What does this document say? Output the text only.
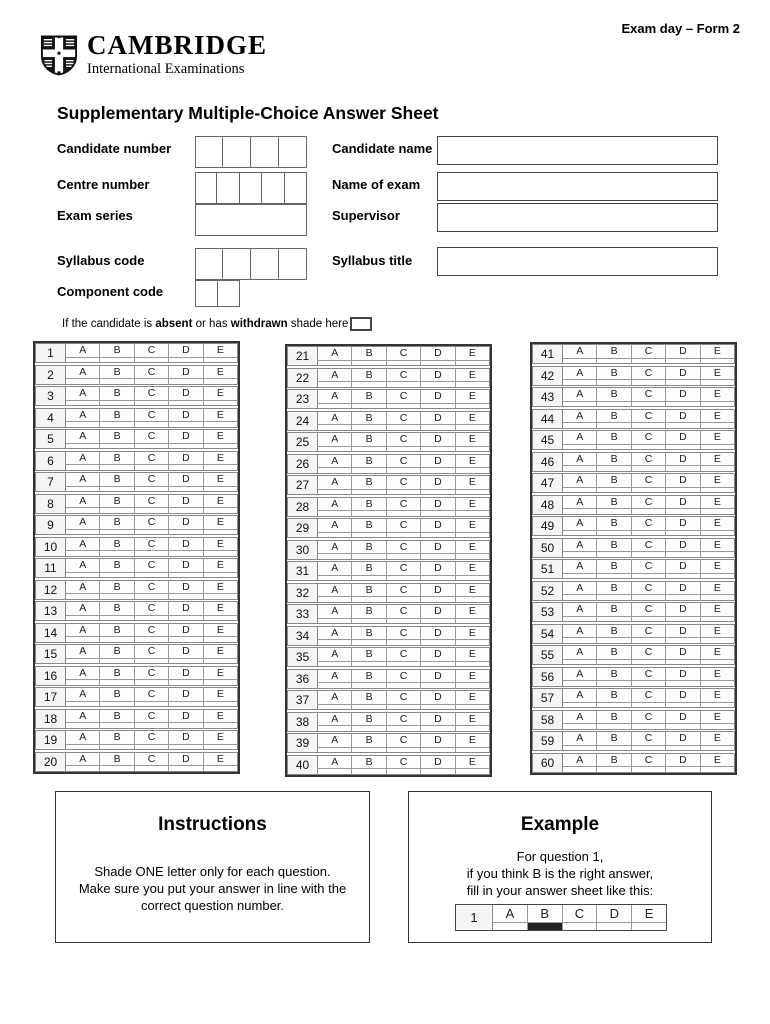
Exam day – Form 2
CAMBRIDGE
International Examinations
Supplementary Multiple-Choice Answer Sheet
Candidate number	Candidate name
Centre number	Name of exam
Exam series	Supervisor
Syllabus code	Syllabus title
Component code
If the candidate is absent or has withdrawn shade here
1	A	B	C	D	E
2	A	B	C	D	E
3	A	B	C	D	E
4	A	B	C	D	E
5	A	B	C	D	E
6	A	B	C	D	E
7	A	B	C	D	E
8	A	B	C	D	E
9	A	B	C	D	E
10	A	B	C	D	E
11	A	B	C	D	E
12	A	B	C	D	E
13	A	B	C	D	E
14	A	B	C	D	E
15	A	B	C	D	E
16	A	B	C	D	E
17	A	B	C	D	E
18	A	B	C	D	E
19	A	B	C	D	E
20	A	B	C	D	E
21	A	B	C	D	E
22	A	B	C	D	E
23	A	B	C	D	E
24	A	B	C	D	E
25	A	B	C	D	E
26	A	B	C	D	E
27	A	B	C	D	E
28	A	B	C	D	E
29	A	B	C	D	E
30	A	B	C	D	E
31	A	B	C	D	E
32	A	B	C	D	E
33	A	B	C	D	E
34	A	B	C	D	E
35	A	B	C	D	E
36	A	B	C	D	E
37	A	B	C	D	E
38	A	B	C	D	E
39	A	B	C	D	E
40	A	B	C	D	E
41	A	B	C	D	E
42	A	B	C	D	E
43	A	B	C	D	E
44	A	B	C	D	E
45	A	B	C	D	E
46	A	B	C	D	E
47	A	B	C	D	E
48	A	B	C	D	E
49	A	B	C	D	E
50	A	B	C	D	E
51	A	B	C	D	E
52	A	B	C	D	E
53	A	B	C	D	E
54	A	B	C	D	E
55	A	B	C	D	E
56	A	B	C	D	E
57	A	B	C	D	E
58	A	B	C	D	E
59	A	B	C	D	E
60	A	B	C	D	E
Instructions
Shade ONE letter only for each question.
Make sure you put your answer in line with the
correct question number.
Example
For question 1,
if you think B is the right answer,
fill in your answer sheet like this:
1	A	B	C	D	E
